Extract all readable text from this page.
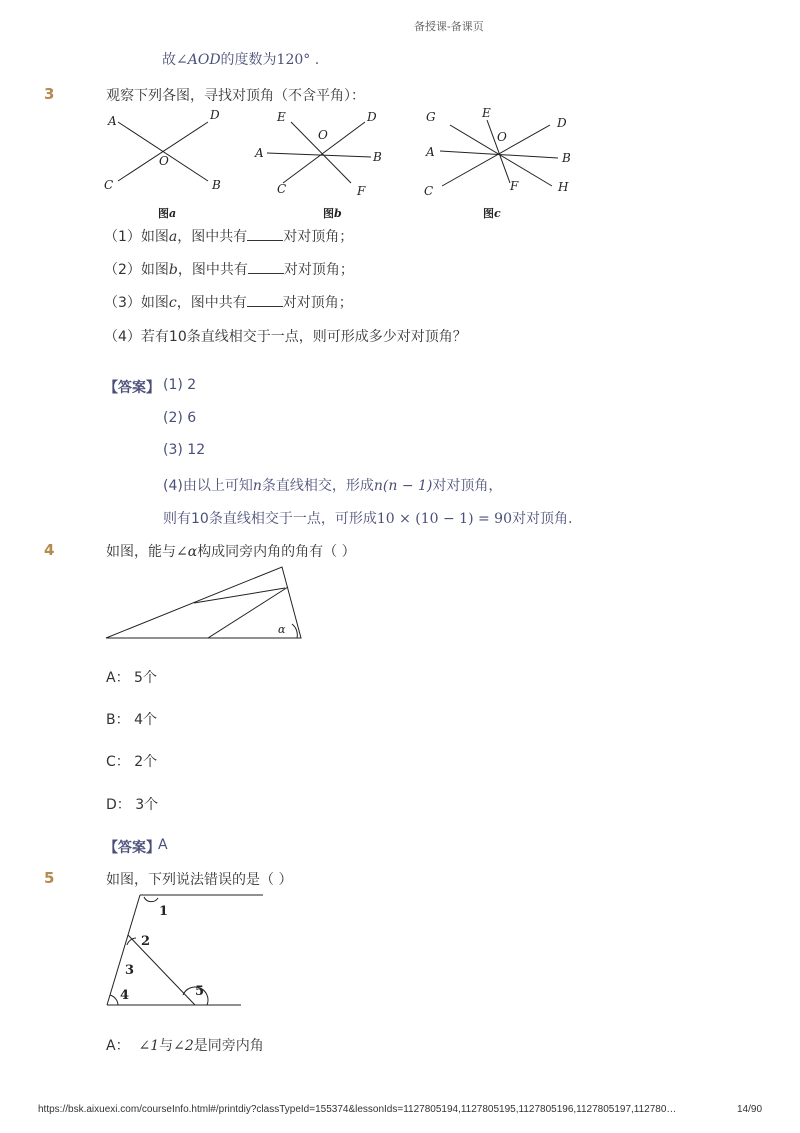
备授课-备课页
故∠AOD的度数为120° .
3	观察下列各图，寻找对顶角（不含平角）：
A	D
O
C	B
图a
E	D
O
A	B
C	F
图b
G	E
O
D
A	B
C	F	H
图c
（1）如图a，图中共有	对对顶角；
（2）如图b，图中共有	对对顶角；
（3）如图c，图中共有	对对顶角；
（4）若有10条直线相交于一点，则可形成多少对对顶角？
【答案】 (1) 2
(2) 6
(3) 12
(4)由以上可知n条直线相交，形成n(n − 1)对对顶角，
则有10条直线相交于一点，可形成10 × (10 − 1) = 90对对顶角.
4	如图，能与∠α构成同旁内角的角有（ ）
α
A： 5个
B： 4个
C： 2个
D： 3个
【答案】
A
5	如图，下列说法错误的是（ ）
1
2
3
4	5
A： ∠1与∠2是同旁内角
https://bsk.aixuexi.com/courseInfo.html#/printdiy?classTypeId=155374&lessonIds=1127805194,1127805195,1127805196,1127805197,112780…	14/90
